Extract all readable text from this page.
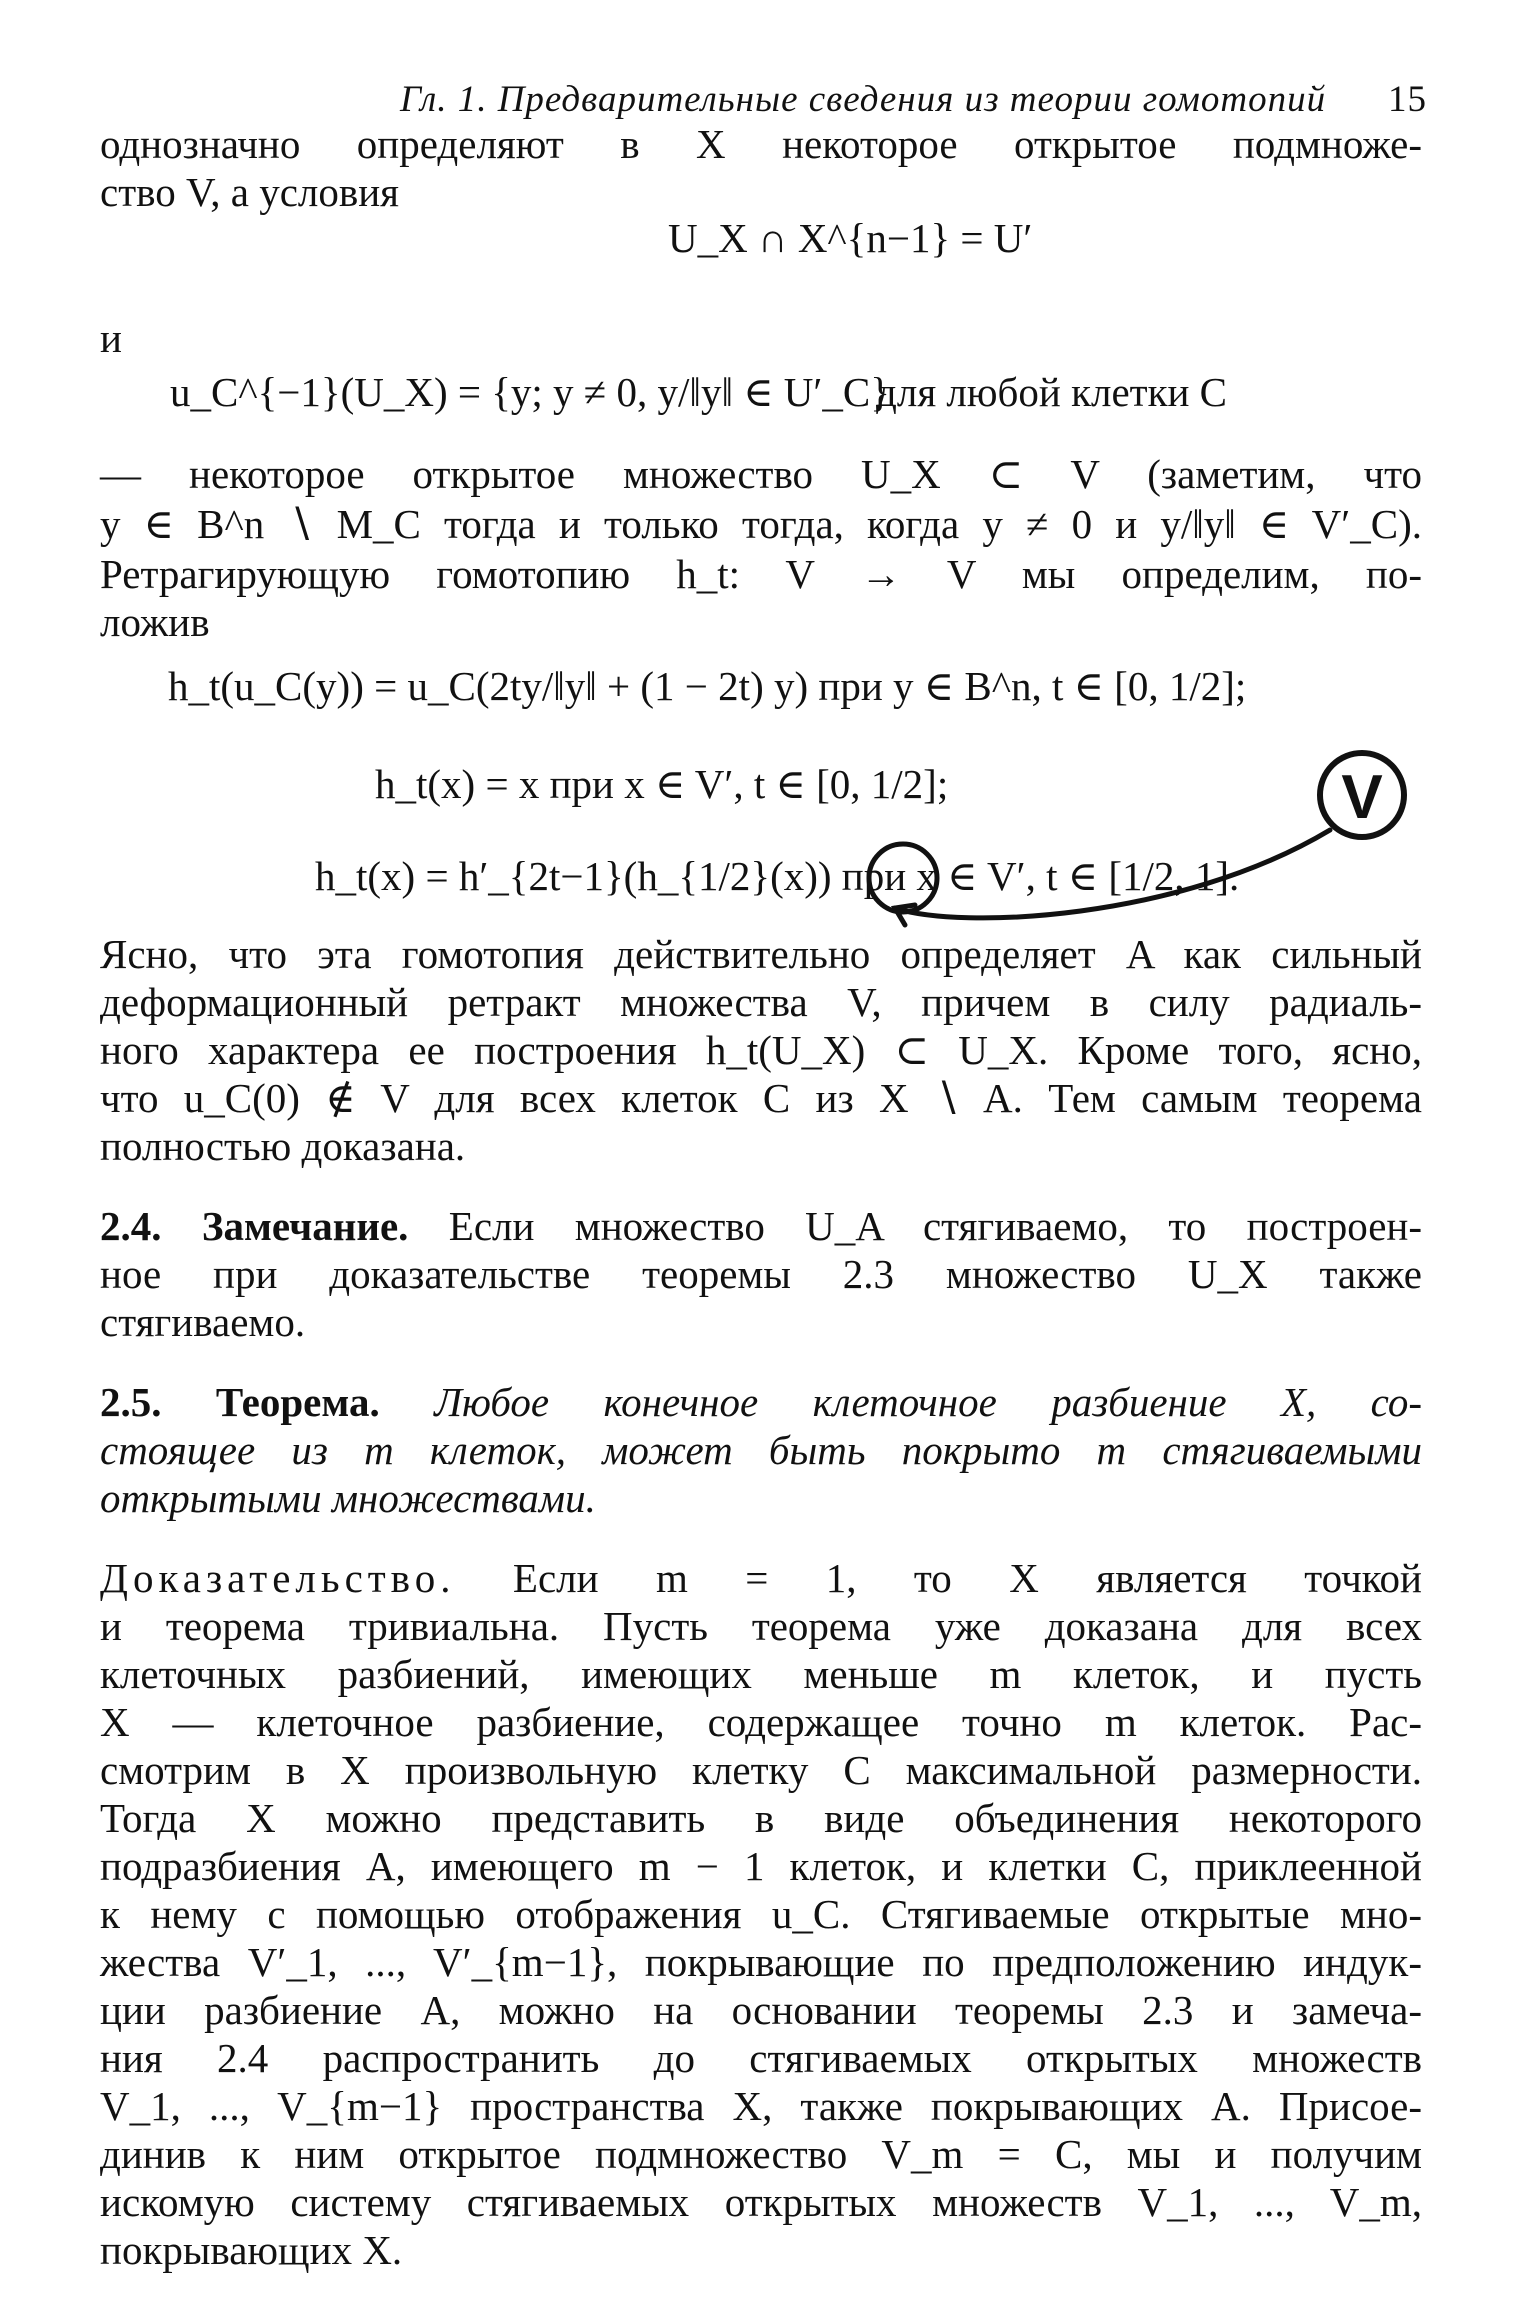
Гл. 1. Предварительные сведения из теории гомотопий 15
однозначно определяют в X некоторое открытое подмноже-
ство V, а условия
U_X ∩ X^{n−1} = U′
и
u_C^{−1}(U_X) = {y; y ≠ 0, y/‖y‖ ∈ U′_C}
для любой клетки C
— некоторое открытое множество U_X ⊂ V (заметим, что
y ∈ B^n ∖ M_C тогда и только тогда, когда y ≠ 0 и y/‖y‖ ∈ V′_C).
Ретрагирующую гомотопию h_t: V → V мы определим, по-
ложив
h_t(u_C(y)) = u_C(2ty/‖y‖ + (1 − 2t) y) при y ∈ B^n, t ∈ [0, 1/2];
h_t(x) = x при x ∈ V′, t ∈ [0, 1/2];
h_t(x) = h′_{2t−1}(h_{1/2}(x)) при x ∈ V′, t ∈ [1/2, 1].
Ясно, что эта гомотопия действительно определяет A как сильный
деформационный ретракт множества V, причем в силу радиаль-
ного характера ее построения h_t(U_X) ⊂ U_X. Кроме того, ясно,
что u_C(0) ∉ V для всех клеток C из X ∖ A. Тем самым теорема
полностью доказана.
2.4. Замечание. Если множество U_A стягиваемо, то построен-
ное при доказательстве теоремы 2.3 множество U_X также
стягиваемо.
2.5. Теорема. Любое конечное клеточное разбиение X, со-
стоящее из m клеток, может быть покрыто m стягиваемыми
открытыми множествами.
Доказательство. Если m = 1, то X является точкой
и теорема тривиальна. Пусть теорема уже доказана для всех
клеточных разбиений, имеющих меньше m клеток, и пусть
X — клеточное разбиение, содержащее точно m клеток. Рас-
смотрим в X произвольную клетку C максимальной размерности.
Тогда X можно представить в виде объединения некоторого
подразбиения A, имеющего m − 1 клеток, и клетки C, приклеенной
к нему с помощью отображения u_C. Стягиваемые открытые мно-
жества V′_1, ..., V′_{m−1}, покрывающие по предположению индук-
ции разбиение A, можно на основании теоремы 2.3 и замеча-
ния 2.4 распространить до стягиваемых открытых множеств
V_1, ..., V_{m−1} пространства X, также покрывающих A. Присое-
динив к ним открытое подмножество V_m = C, мы и получим
искомую систему стягиваемых открытых множеств V_1, ..., V_m,
покрывающих X.
V
